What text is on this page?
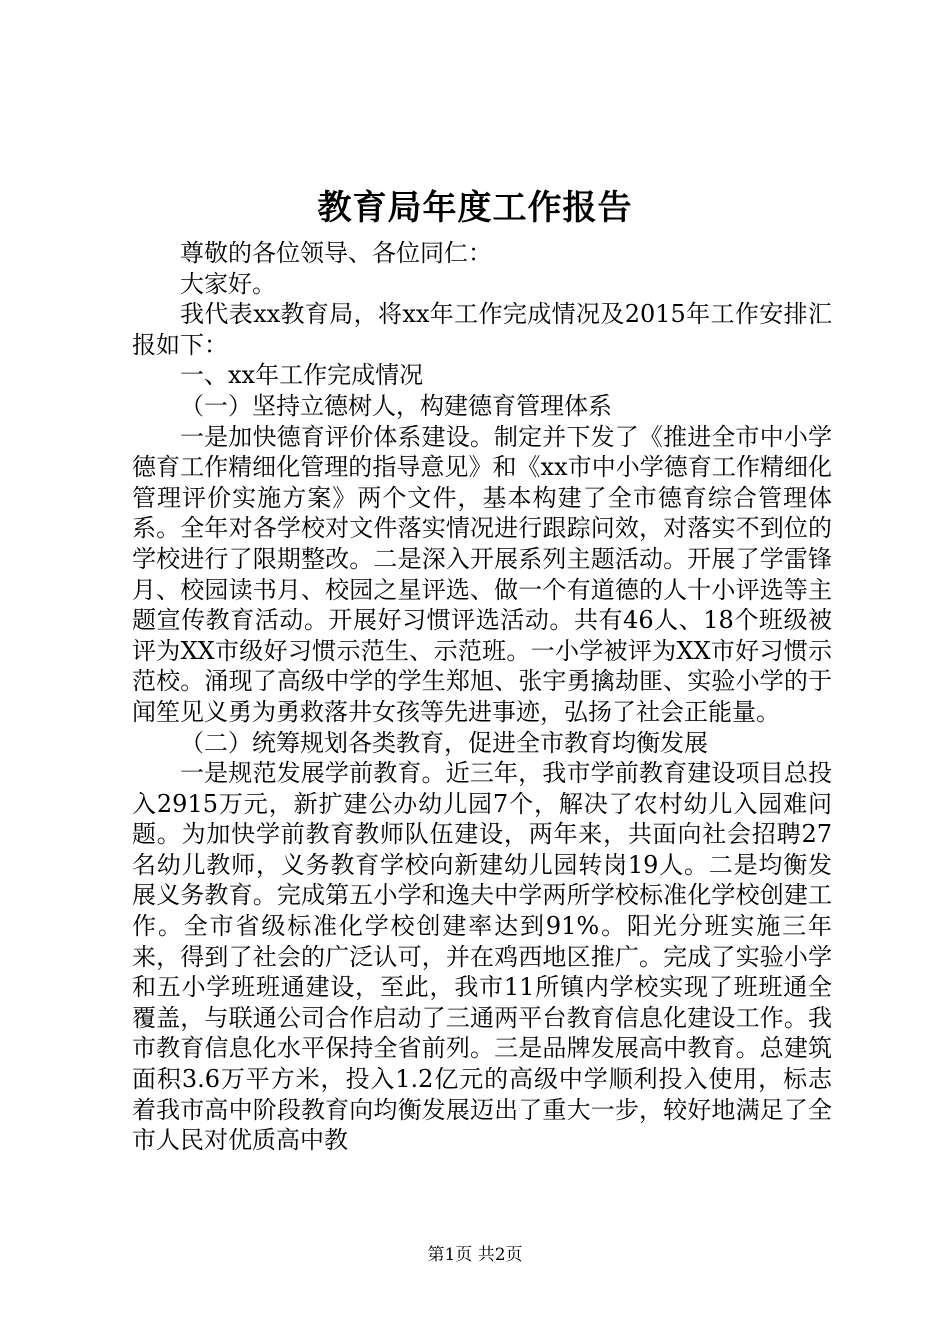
教育局年度工作报告

尊敬的各位领导、各位同仁：

大家好。

我代表xx教育局，将xx年工作完成情况及2015年工作安排汇报如下：

一、xx年工作完成情况

（一）坚持立德树人，构建德育管理体系

一是加快德育评价体系建设。制定并下发了《推进全市中小学德育工作精细化管理的指导意见》和《xx市中小学德育工作精细化管理评价实施方案》两个文件，基本构建了全市德育综合管理体系。全年对各学校对文件落实情况进行跟踪问效，对落实不到位的学校进行了限期整改。二是深入开展系列主题活动。开展了学雷锋月、校园读书月、校园之星评选、做一个有道德的人十小评选等主题宣传教育活动。开展好习惯评选活动。共有46人、18个班级被评为XX市级好习惯示范生、示范班。一小学被评为XX市好习惯示范校。涌现了高级中学的学生郑旭、张宇勇擒劫匪、实验小学的于闻笙见义勇为勇救落井女孩等先进事迹，弘扬了社会正能量。

（二）统筹规划各类教育，促进全市教育均衡发展

一是规范发展学前教育。近三年，我市学前教育建设项目总投入2915万元，新扩建公办幼儿园7个，解决了农村幼儿入园难问题。为加快学前教育教师队伍建设，两年来，共面向社会招聘27名幼儿教师，义务教育学校向新建幼儿园转岗19人。二是均衡发展义务教育。完成第五小学和逸夫中学两所学校标准化学校创建工作。全市省级标准化学校创建率达到91%。阳光分班实施三年来，得到了社会的广泛认可，并在鸡西地区推广。完成了实验小学和五小学班班通建设，至此，我市11所镇内学校实现了班班通全覆盖，与联通公司合作启动了三通两平台教育信息化建设工作。我市教育信息化水平保持全省前列。三是品牌发展高中教育。总建筑面积3.6万平方米，投入1.2亿元的高级中学顺利投入使用，标志着我市高中阶段教育向均衡发展迈出了重大一步，较好地满足了全市人民对优质高中教

第1页 共2页
